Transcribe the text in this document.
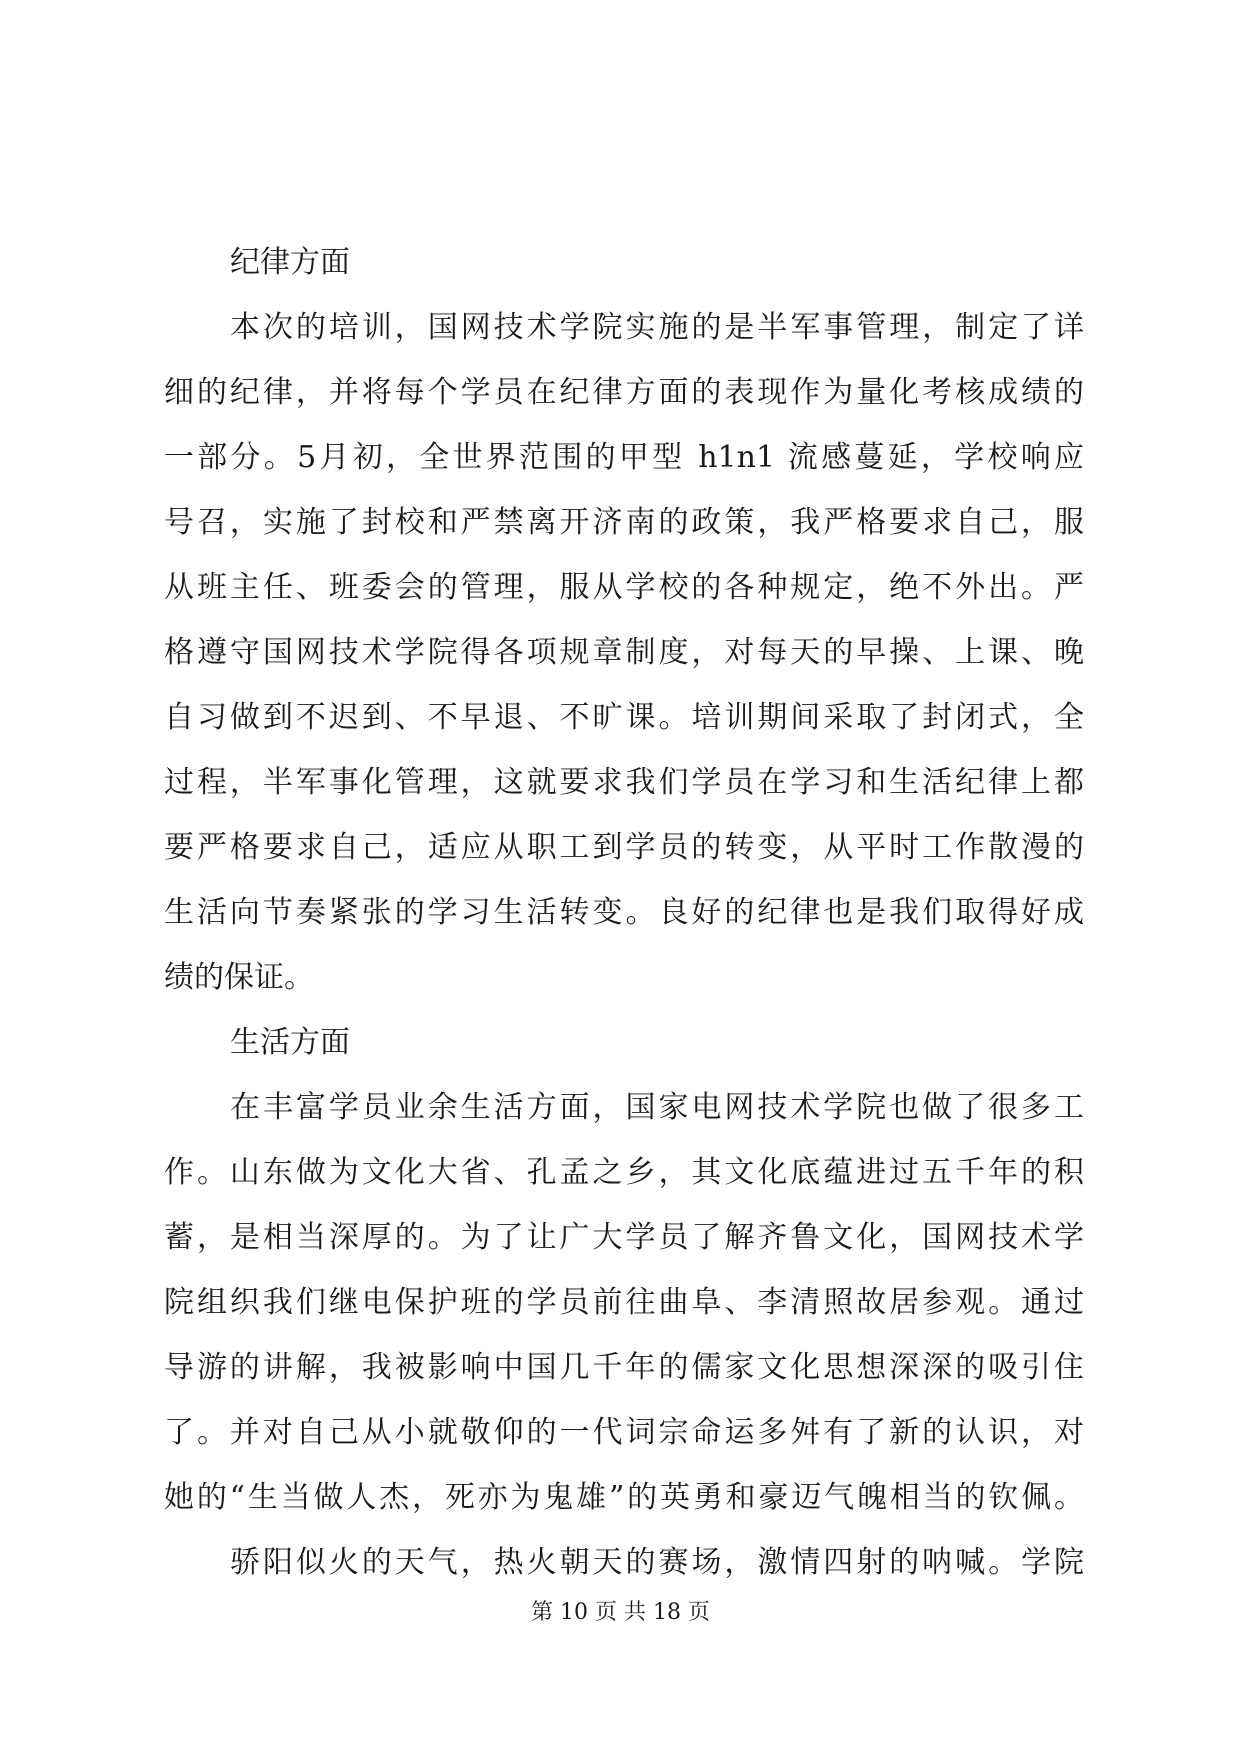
纪律方面
本次的培训，国网技术学院实施的是半军事管理，制定了详
细的纪律，并将每个学员在纪律方面的表现作为量化考核成绩的
一部分。5月初，全世界范围的甲型 h1n1 流感蔓延，学校响应
号召，实施了封校和严禁离开济南的政策，我严格要求自己，服
从班主任、班委会的管理，服从学校的各种规定，绝不外出。严
格遵守国网技术学院得各项规章制度，对每天的早操、上课、晚
自习做到不迟到、不早退、不旷课。培训期间采取了封闭式，全
过程，半军事化管理，这就要求我们学员在学习和生活纪律上都
要严格要求自己，适应从职工到学员的转变，从平时工作散漫的
生活向节奏紧张的学习生活转变。良好的纪律也是我们取得好成
绩的保证。
生活方面
在丰富学员业余生活方面，国家电网技术学院也做了很多工
作。山东做为文化大省、孔孟之乡，其文化底蕴进过五千年的积
蓄，是相当深厚的。为了让广大学员了解齐鲁文化，国网技术学
院组织我们继电保护班的学员前往曲阜、李清照故居参观。通过
导游的讲解，我被影响中国几千年的儒家文化思想深深的吸引住
了。并对自己从小就敬仰的一代词宗命运多舛有了新的认识，对
她的“生当做人杰，死亦为鬼雄”的英勇和豪迈气魄相当的钦佩。
骄阳似火的天气，热火朝天的赛场，激情四射的呐喊。学院
第 10 页 共 18 页
